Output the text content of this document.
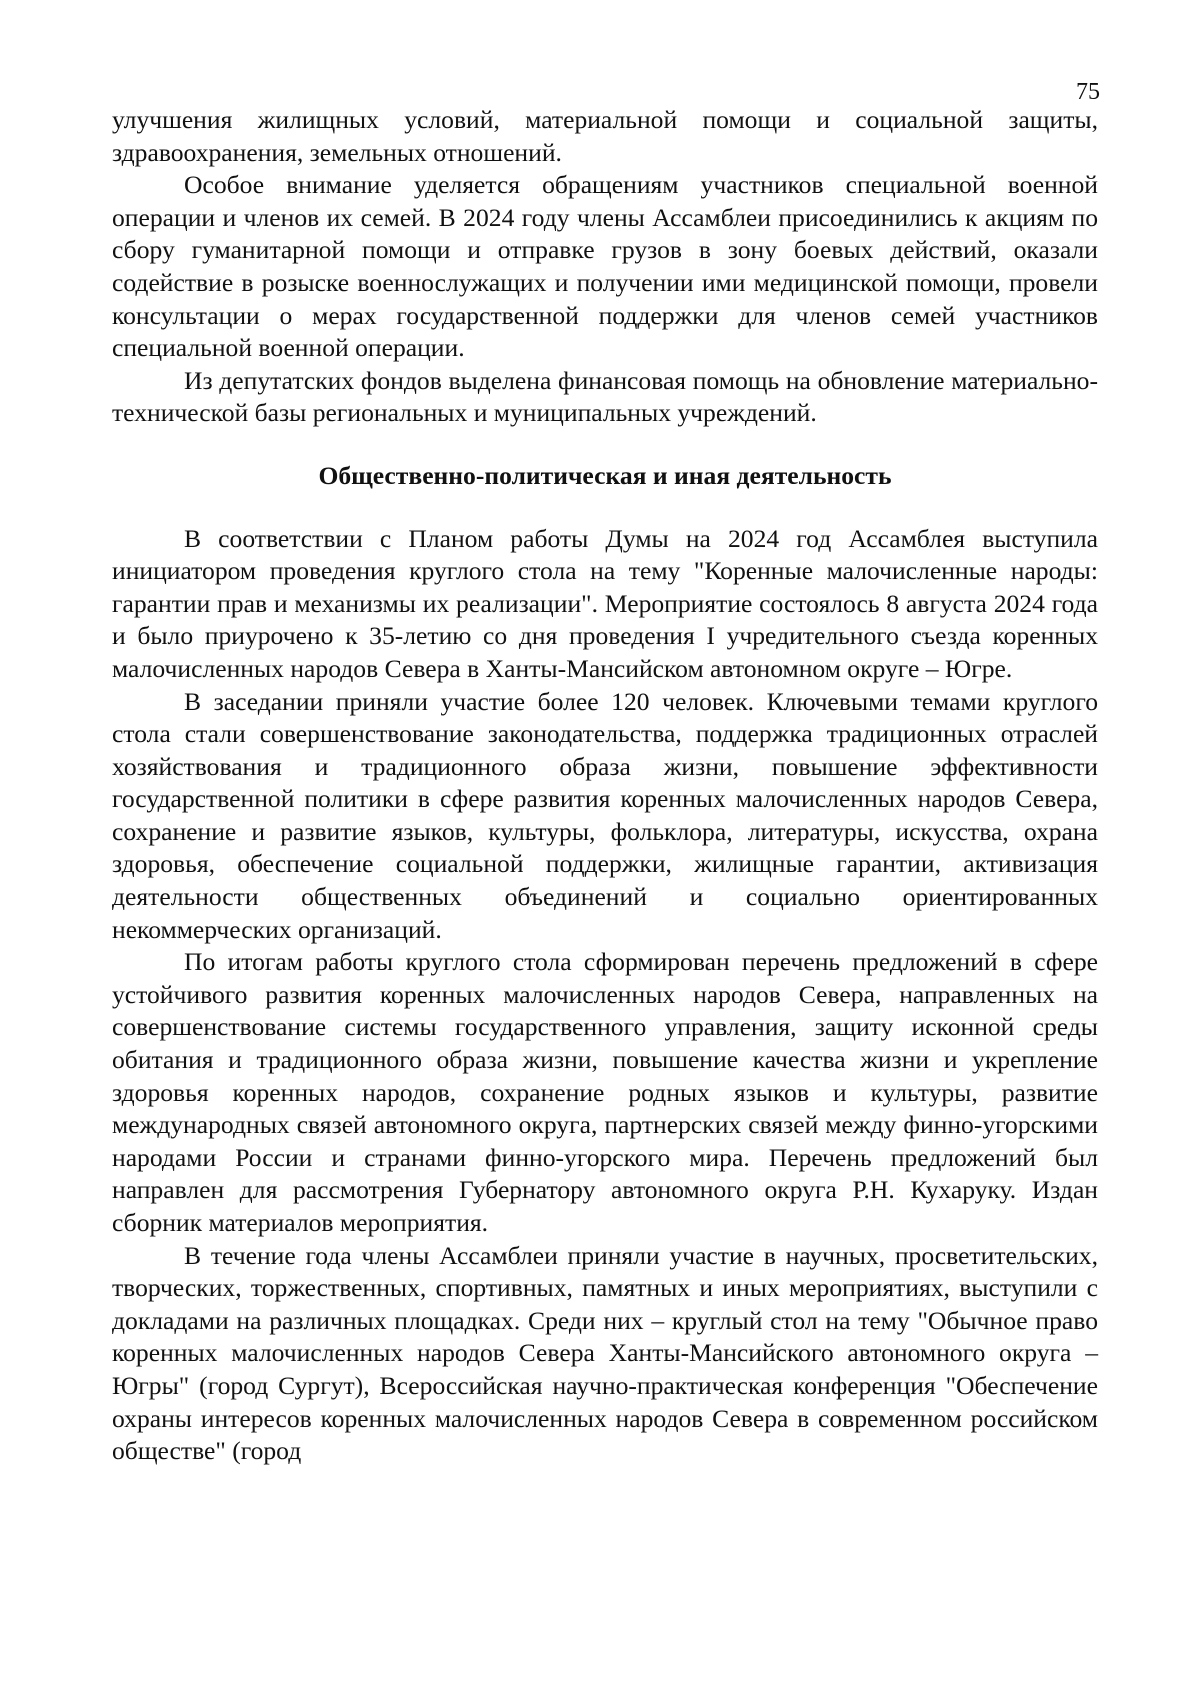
75

улучшения жилищных условий, материальной помощи и социальной защиты, здравоохранения, земельных отношений.

Особое внимание уделяется обращениям участников специальной военной операции и членов их семей. В 2024 году члены Ассамблеи присоединились к акциям по сбору гуманитарной помощи и отправке грузов в зону боевых действий, оказали содействие в розыске военнослужащих и получении ими медицинской помощи, провели консультации о мерах государственной поддержки для членов семей участников специальной военной операции.

Из депутатских фондов выделена финансовая помощь на обновление материально-технической базы региональных и муниципальных учреждений.

Общественно-политическая и иная деятельность

В соответствии с Планом работы Думы на 2024 год Ассамблея выступила инициатором проведения круглого стола на тему "Коренные малочисленные народы: гарантии прав и механизмы их реализации". Мероприятие состоялось 8 августа 2024 года и было приурочено к 35-летию со дня проведения I учредительного съезда коренных малочисленных народов Севера в Ханты-Мансийском автономном округе – Югре.

В заседании приняли участие более 120 человек. Ключевыми темами круглого стола стали совершенствование законодательства, поддержка традиционных отраслей хозяйствования и традиционного образа жизни, повышение эффективности государственной политики в сфере развития коренных малочисленных народов Севера, сохранение и развитие языков, культуры, фольклора, литературы, искусства, охрана здоровья, обеспечение социальной поддержки, жилищные гарантии, активизация деятельности общественных объединений и социально ориентированных некоммерческих организаций.

По итогам работы круглого стола сформирован перечень предложений в сфере устойчивого развития коренных малочисленных народов Севера, направленных на совершенствование системы государственного управления, защиту исконной среды обитания и традиционного образа жизни, повышение качества жизни и укрепление здоровья коренных народов, сохранение родных языков и культуры, развитие международных связей автономного округа, партнерских связей между финно-угорскими народами России и странами финно-угорского мира. Перечень предложений был направлен для рассмотрения Губернатору автономного округа Р.Н. Кухаруку. Издан сборник материалов мероприятия.

В течение года члены Ассамблеи приняли участие в научных, просветительских, творческих, торжественных, спортивных, памятных и иных мероприятиях, выступили с докладами на различных площадках. Среди них – круглый стол на тему "Обычное право коренных малочисленных народов Севера Ханты-Мансийского автономного округа – Югры" (город Сургут), Всероссийская научно-практическая конференция "Обеспечение охраны интересов коренных малочисленных народов Севера в современном российском обществе" (город
